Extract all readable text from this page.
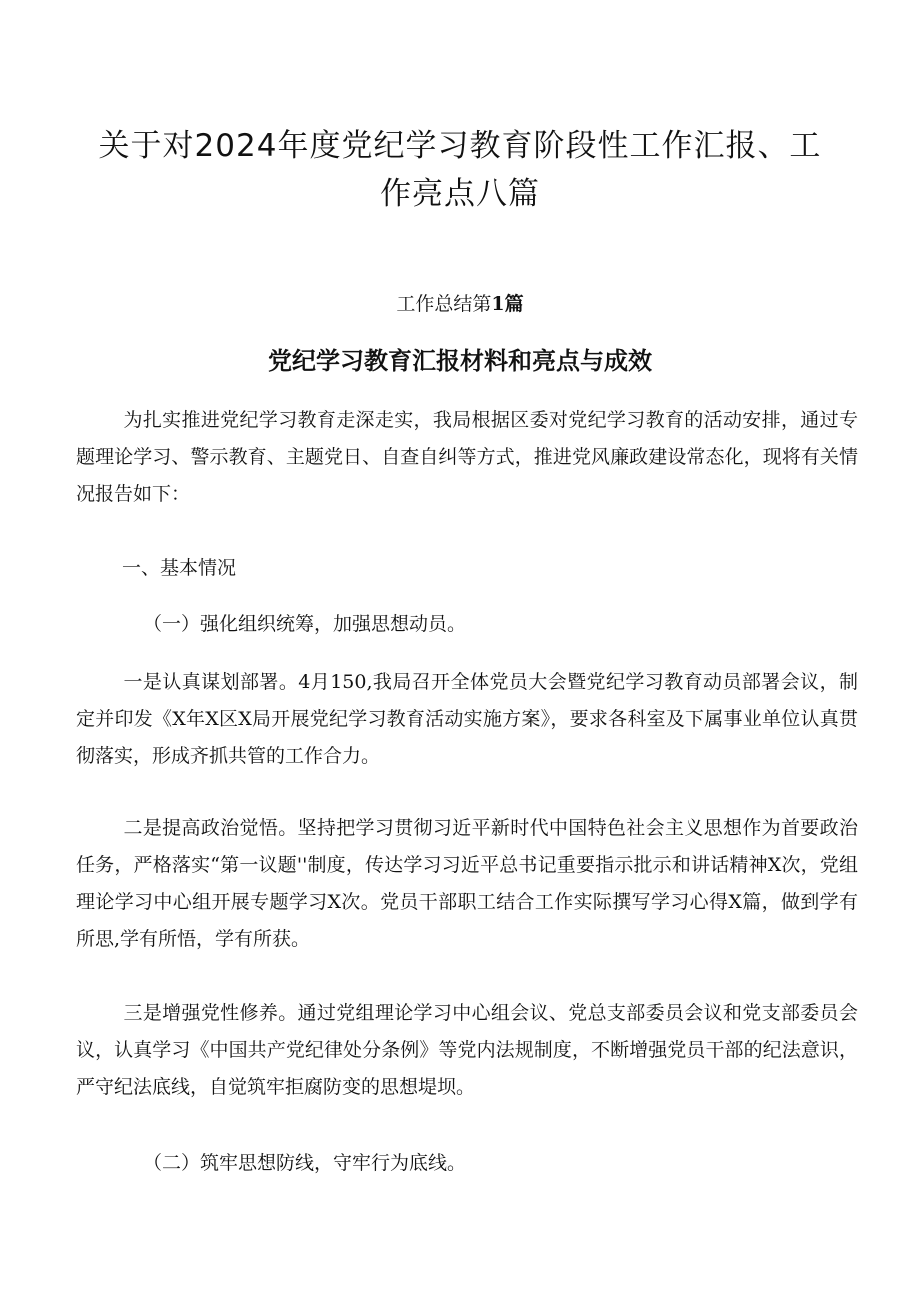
关于对2024年度党纪学习教育阶段性工作汇报、工
作亮点八篇
工作总结第1篇
党纪学习教育汇报材料和亮点与成效

为扎实推进党纪学习教育走深走实，我局根据区委对党纪学习教育的活动安排，通过专题理论学习、警示教育、主题党日、自查自纠等方式，推进党风廉政建设常态化，现将有关情况报告如下：

一、基本情况

（一）强化组织统筹，加强思想动员。

一是认真谋划部署。4月150,我局召开全体党员大会暨党纪学习教育动员部署会议，制定并印发《X年X区X局开展党纪学习教育活动实施方案》，要求各科室及下属事业单位认真贯彻落实，形成齐抓共管的工作合力。

二是提高政治觉悟。坚持把学习贯彻习近平新时代中国特色社会主义思想作为首要政治任务，严格落实“第一议题''制度，传达学习习近平总书记重要指示批示和讲话精神X次，党组理论学习中心组开展专题学习X次。党员干部职工结合工作实际撰写学习心得X篇，做到学有所思,学有所悟，学有所获。

三是增强党性修养。通过党组理论学习中心组会议、党总支部委员会议和党支部委员会议，认真学习《中国共产党纪律处分条例》等党内法规制度，不断增强党员干部的纪法意识，严守纪法底线，自觉筑牢拒腐防变的思想堤坝。

（二）筑牢思想防线，守牢行为底线。
